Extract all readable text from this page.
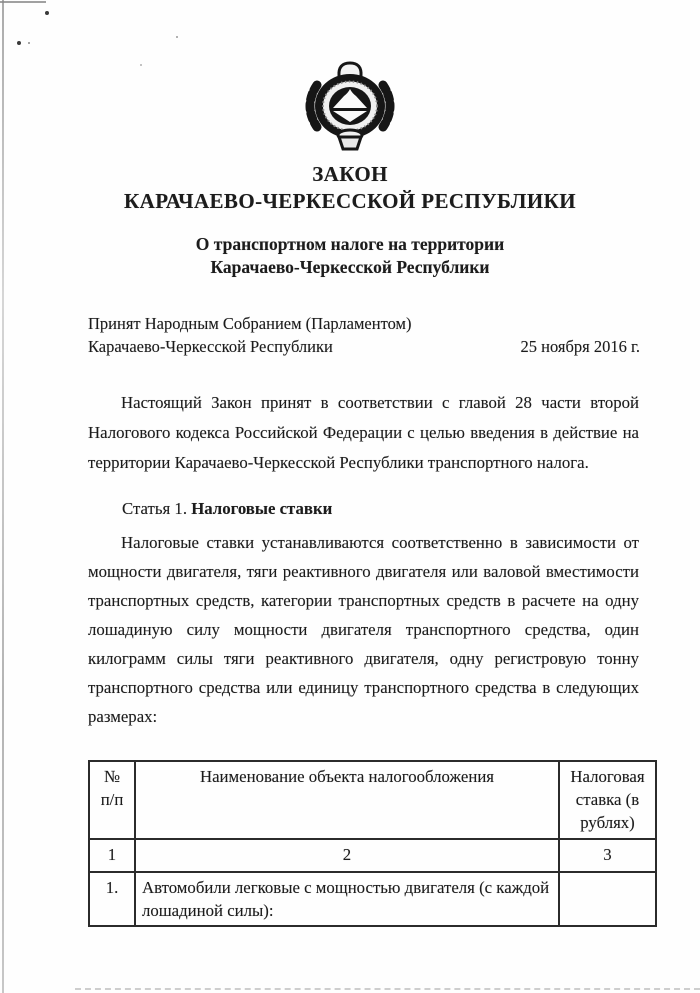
ЗАКОН
КАРАЧАЕВО-ЧЕРКЕССКОЙ РЕСПУБЛИКИ
О транспортном налоге на территории
Карачаево-Черкесской Республики
Принят Народным Собранием (Парламентом)
Карачаево-Черкесской Республики	25 ноября 2016 г.

Настоящий Закон принят в соответствии с главой 28 части второй Налогового кодекса Российской Федерации с целью введения в действие на территории Карачаево-Черкесской Республики транспортного налога.

Статья 1. Налоговые ставки

Налоговые ставки устанавливаются соответственно в зависимости от мощности двигателя, тяги реактивного двигателя или валовой вместимости транспортных средств, категории транспортных средств в расчете на одну лошадиную силу мощности двигателя транспортного средства, один килограмм силы тяги реактивного двигателя, одну регистровую тонну транспортного средства или единицу транспортного средства в следующих размерах:

№ п/п	Наименование объекта налогообложения	Налоговая ставка (в рублях)
1	2	3
1.	Автомобили легковые с мощностью двигателя (с каждой лошадиной силы):	
